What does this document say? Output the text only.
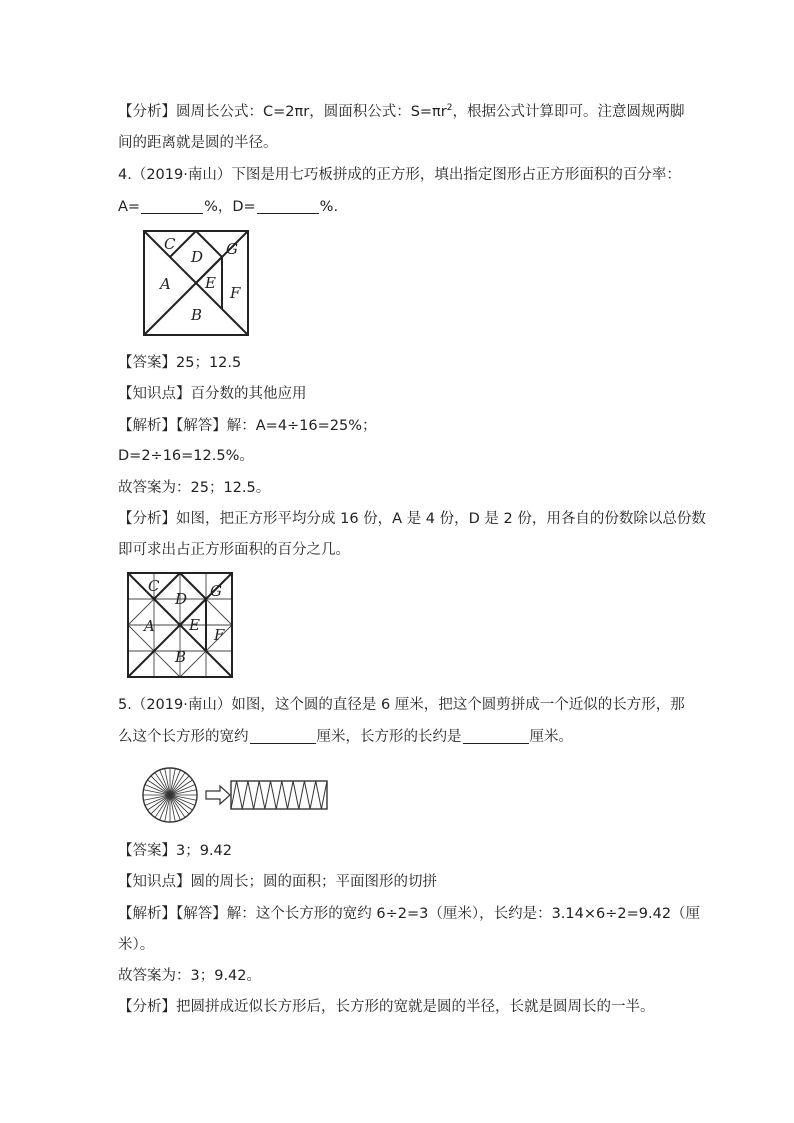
【分析】圆周长公式：C=2πr，圆面积公式：$S=\pi r^2$，根据公式计算即可。注意圆规两脚
间的距离就是圆的半径。
4.（2019·南山）下图是用七巧板拼成的正方形，填出指定图形占正方形面积的百分率：
A=	%，D=	%.
C
D G
A E
F
B
【答案】25；12.5
【知识点】百分数的其他应用
【解析】【解答】解：A=4÷16=25%；
D=2÷16=12.5%。
故答案为：25；12.5。
【分析】如图，把正方形平均分成 16 份，A 是 4 份，D 是 2 份，用各自的份数除以总份数
即可求出占正方形面积的百分之几。
C
D G
A E
F
B
5.（2019·南山）如图，这个圆的直径是 6 厘米，把这个圆剪拼成一个近似的长方形，那
么这个长方形的宽约	厘米，长方形的长约是	厘米。
【答案】3；9.42
【知识点】圆的周长；圆的面积；平面图形的切拼
【解析】【解答】解：这个长方形的宽约 6÷2=3（厘米），长约是：3.14×6÷2=9.42（厘
米）。
故答案为：3；9.42。
【分析】把圆拼成近似长方形后，长方形的宽就是圆的半径，长就是圆周长的一半。
